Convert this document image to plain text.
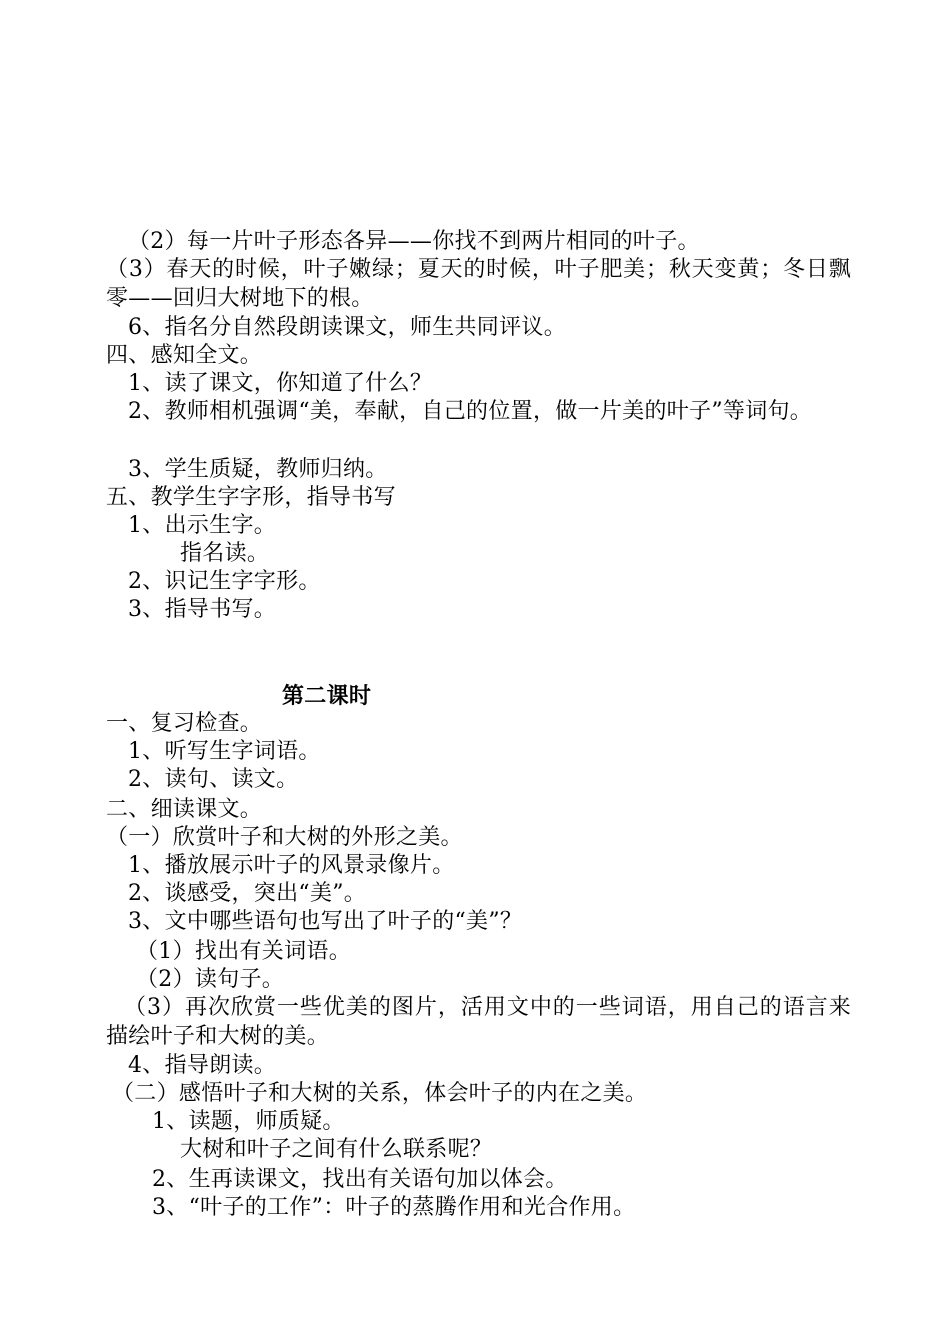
（2）每一片叶子形态各异——你找不到两片相同的叶子。
（3）春天的时候，叶子嫩绿；夏天的时候，叶子肥美；秋天变黄；冬日飘零——回归大树地下的根。
6、指名分自然段朗读课文，师生共同评议。
四、感知全文。
1、读了课文，你知道了什么？
2、教师相机强调“美，奉献，自己的位置，做一片美的叶子”等词句。
3、学生质疑，教师归纳。
五、教学生字字形，指导书写
1、出示生字。
指名读。
2、识记生字字形。
3、指导书写。
第二课时
一、复习检查。
1、听写生字词语。
2、读句、读文。
二、细读课文。
（一）欣赏叶子和大树的外形之美。
1、播放展示叶子的风景录像片。
2、谈感受，突出“美”。
3、文中哪些语句也写出了叶子的“美”？
（1）找出有关词语。
（2）读句子。
（3）再次欣赏一些优美的图片，活用文中的一些词语，用自己的语言来描绘叶子和大树的美。
4、指导朗读。
（二）感悟叶子和大树的关系，体会叶子的内在之美。
1、读题，师质疑。
大树和叶子之间有什么联系呢？
2、生再读课文，找出有关语句加以体会。
3、“叶子的工作”：叶子的蒸腾作用和光合作用。
